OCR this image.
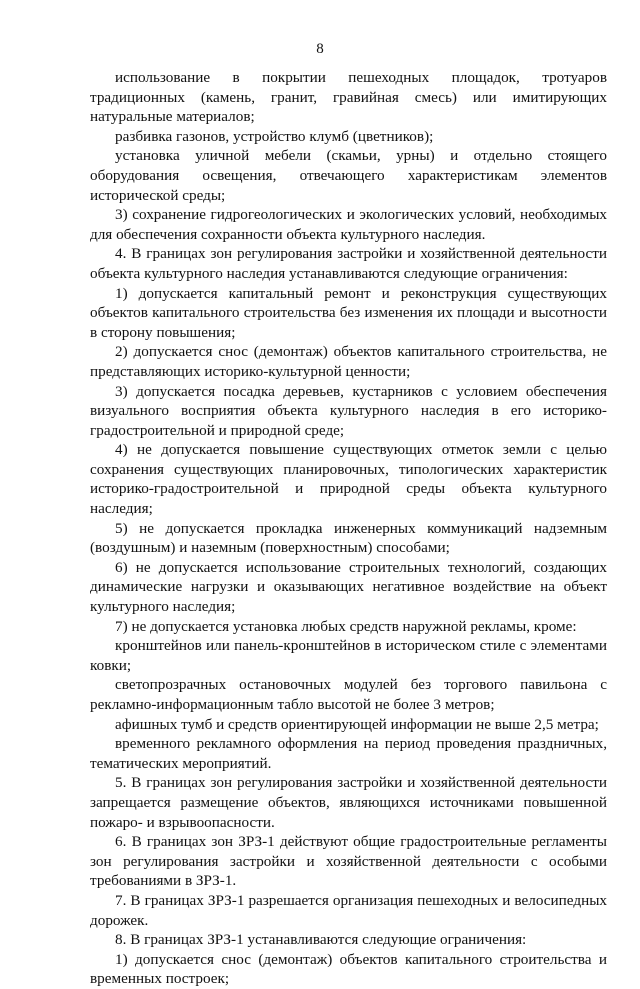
8

использование в покрытии пешеходных площадок, тротуаров традиционных (камень, гранит, гравийная смесь) или имитирующих натуральные материалов;

разбивка газонов, устройство клумб (цветников);

установка уличной мебели (скамьи, урны) и отдельно стоящего оборудования освещения, отвечающего характеристикам элементов исторической среды;

3) сохранение гидрогеологических и экологических условий, необходимых для обеспечения сохранности объекта культурного наследия.

4. В границах зон регулирования застройки и хозяйственной деятельности объекта культурного наследия устанавливаются следующие ограничения:

1) допускается капитальный ремонт и реконструкция существующих объектов капитального строительства без изменения их площади и высотности в сторону повышения;

2) допускается снос (демонтаж) объектов капитального строительства, не представляющих историко-культурной ценности;

3) допускается посадка деревьев, кустарников с условием обеспечения визуального восприятия объекта культурного наследия в его историко-градостроительной и природной среде;

4) не допускается повышение существующих отметок земли с целью сохранения существующих планировочных, типологических характеристик историко-градостроительной и природной среды объекта культурного наследия;

5) не допускается прокладка инженерных коммуникаций надземным (воздушным) и наземным (поверхностным) способами;

6) не допускается использование строительных технологий, создающих динамические нагрузки и оказывающих негативное воздействие на объект культурного наследия;

7) не допускается установка любых средств наружной рекламы, кроме:

кронштейнов или панель-кронштейнов в историческом стиле с элементами ковки;

светопрозрачных остановочных модулей без торгового павильона с рекламно-информационным табло высотой не более 3 метров;

афишных тумб и средств ориентирующей информации не выше 2,5 метра;

временного рекламного оформления на период проведения праздничных, тематических мероприятий.

5. В границах зон регулирования застройки и хозяйственной деятельности запрещается размещение объектов, являющихся источниками повышенной пожаро- и взрывоопасности.

6. В границах зон ЗРЗ-1 действуют общие градостроительные регламенты зон регулирования застройки и хозяйственной деятельности с особыми требованиями в ЗРЗ-1.

7. В границах ЗРЗ-1 разрешается организация пешеходных и велосипедных дорожек.

8. В границах ЗРЗ-1 устанавливаются следующие ограничения:

1) допускается снос (демонтаж) объектов капитального строительства и временных построек;
